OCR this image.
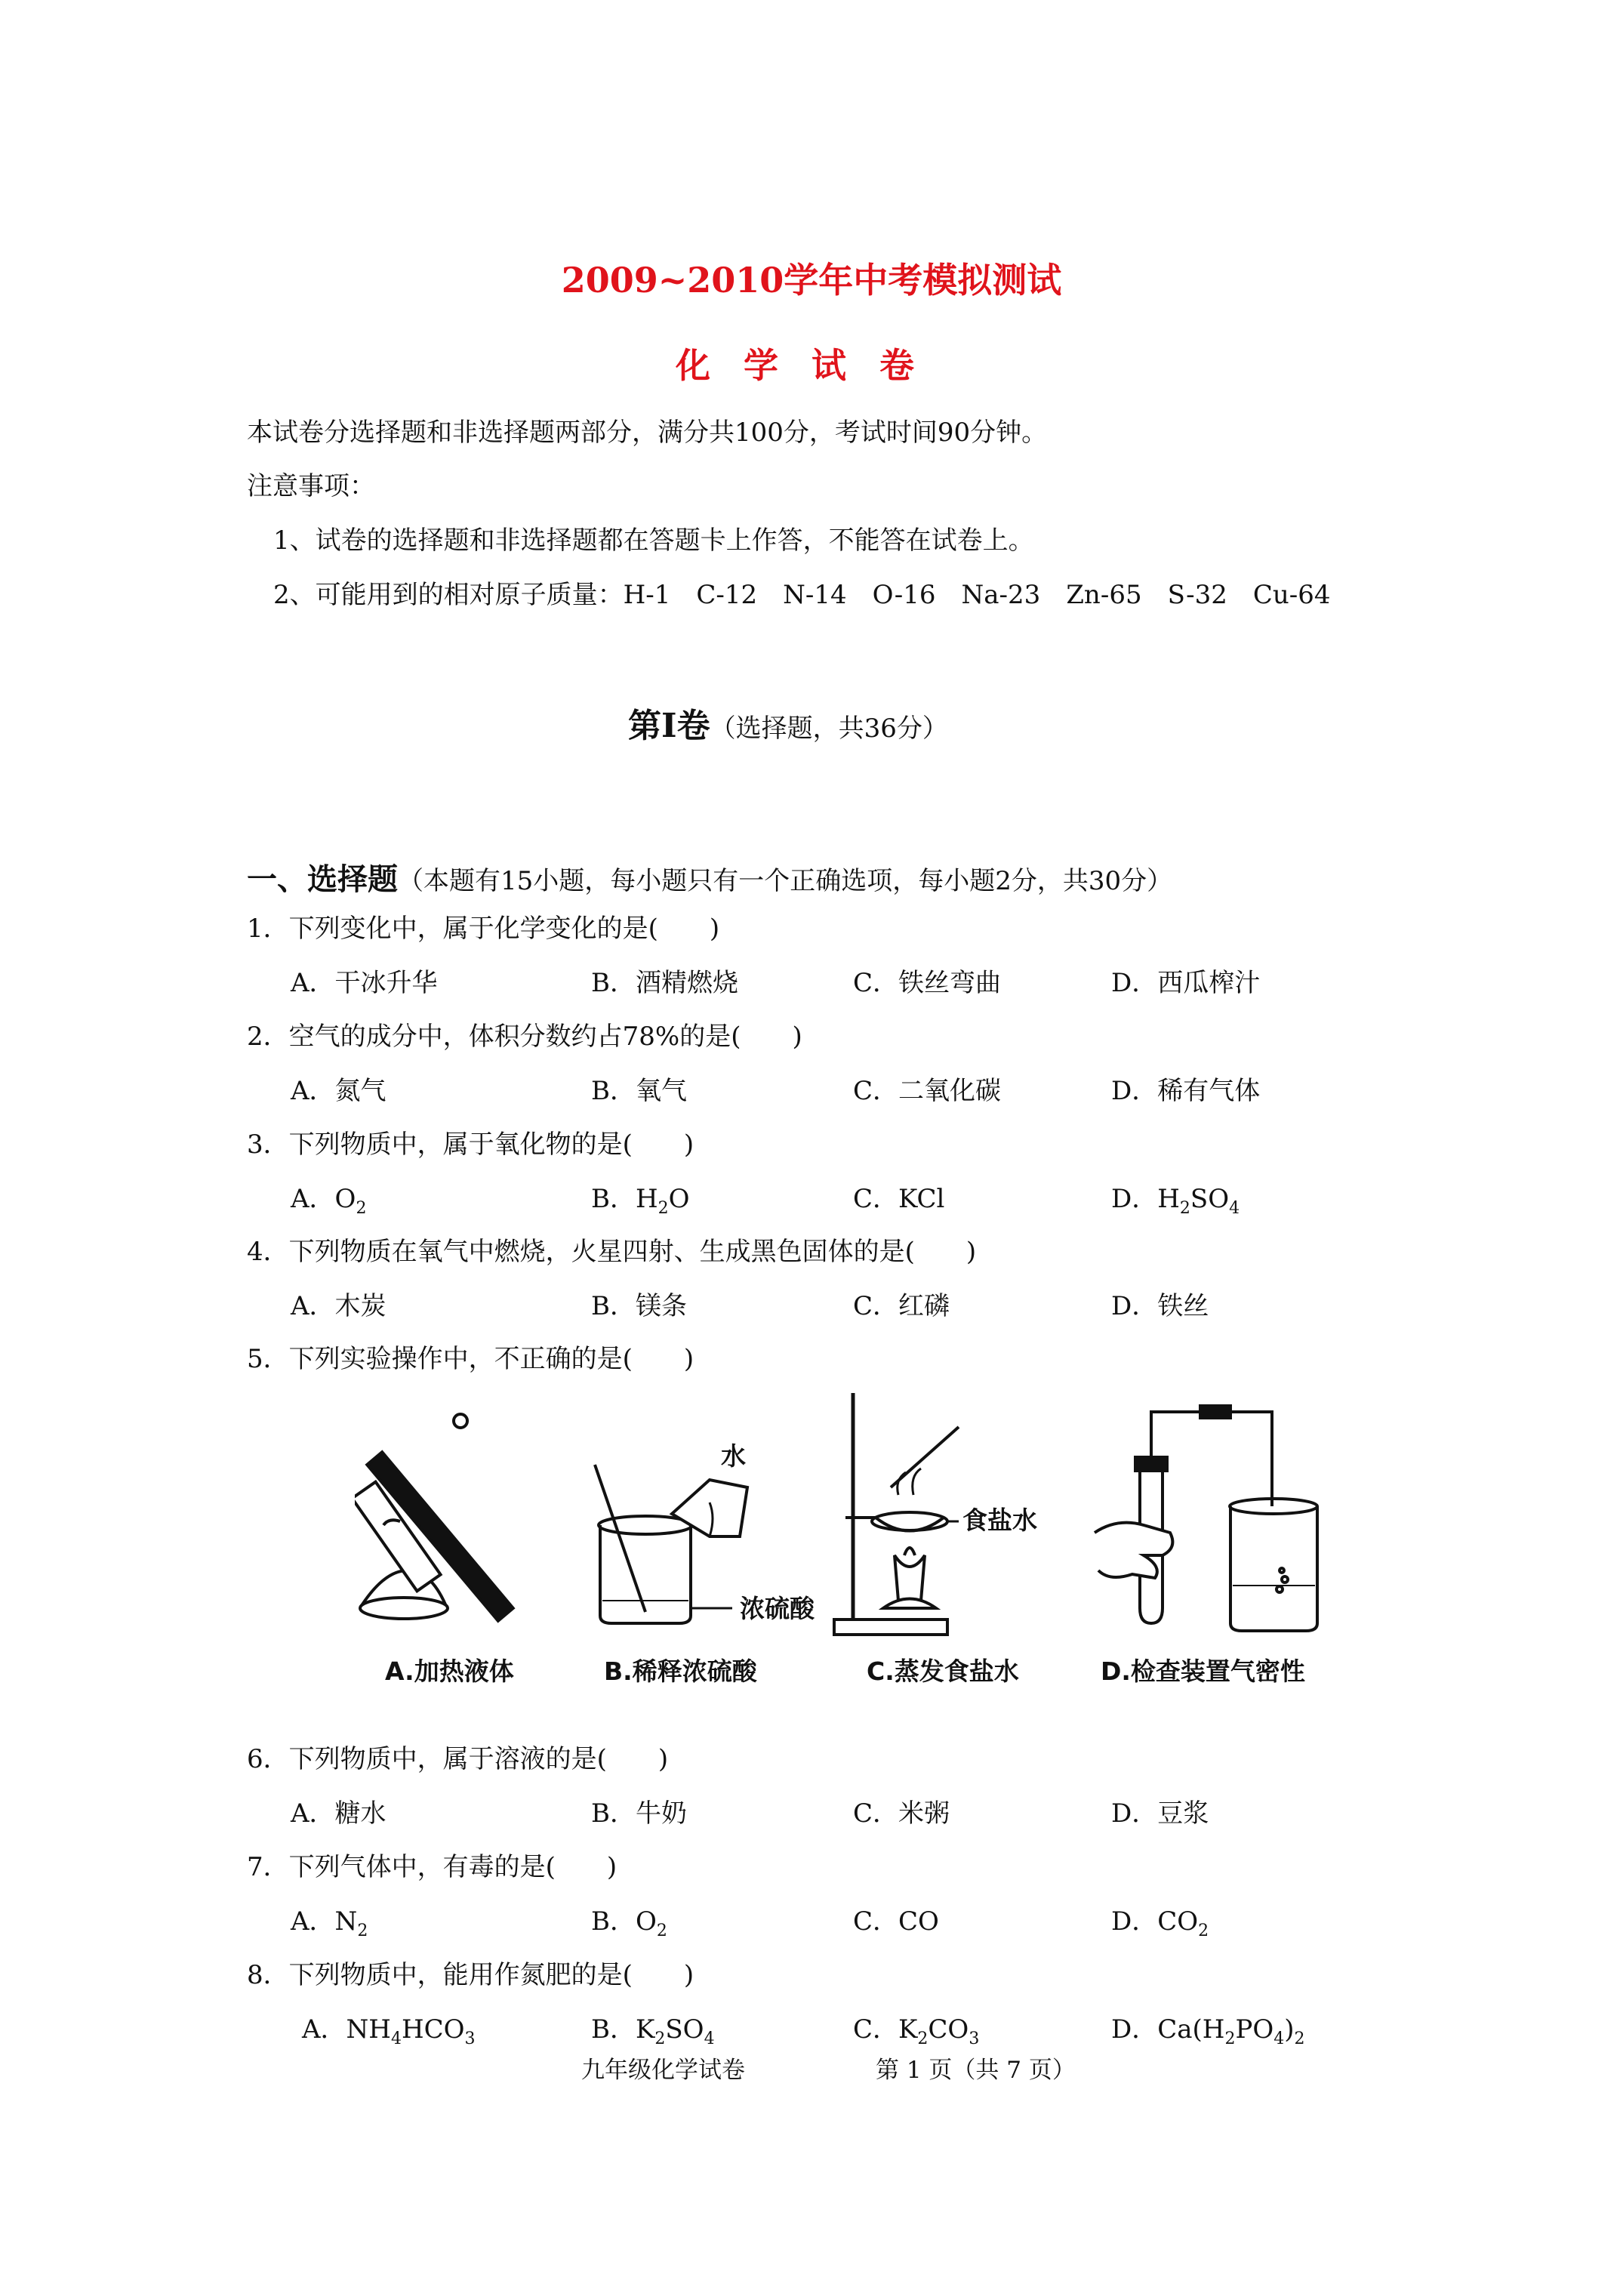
2009~2010学年中考模拟测试
化学试卷
本试卷分选择题和非选择题两部分，满分共100分，考试时间90分钟。
注意事项：
1、试卷的选择题和非选择题都在答题卡上作答，不能答在试卷上。
2、可能用到的相对原子质量：H-1　C-12　N-14　O-16　Na-23　Zn-65　S-32　Cu-64
第Ⅰ卷（选择题，共36分）
一、选择题（本题有15小题，每小题只有一个正确选项，每小题2分，共30分）
1．下列变化中，属于化学变化的是(　　)
A．干冰升华	B．酒精燃烧	C．铁丝弯曲	D．西瓜榨汁
2．空气的成分中，体积分数约占78%的是(　　)
A．氮气	B．氧气	C．二氧化碳	D．稀有气体
3．下列物质中，属于氧化物的是(　　)
A．$O_2$	B．$H_2O$	C．KCl	D．$H_2SO_4$
4．下列物质在氧气中燃烧，火星四射、生成黑色固体的是(　　)
A．木炭	B．镁条	C．红磷	D．铁丝
5．下列实验操作中，不正确的是(　　)
水
浓硫酸
食盐水
A.加热液体	B.稀释浓硫酸	C.蒸发食盐水	D.检查装置气密性
6．下列物质中，属于溶液的是(　　)
A．糖水	B．牛奶	C．米粥	D．豆浆
7．下列气体中，有毒的是(　　)
A．$N_2$	B．$O_2$	C．CO	D．$CO_2$
8．下列物质中，能用作氮肥的是(　　)
A．$NH_4HCO_3$	B．$K_2SO_4$	C．$K_2CO_3$	D．$Ca(H_2PO_4)_2$
九年级化学试卷	第 1 页（共 7 页）
